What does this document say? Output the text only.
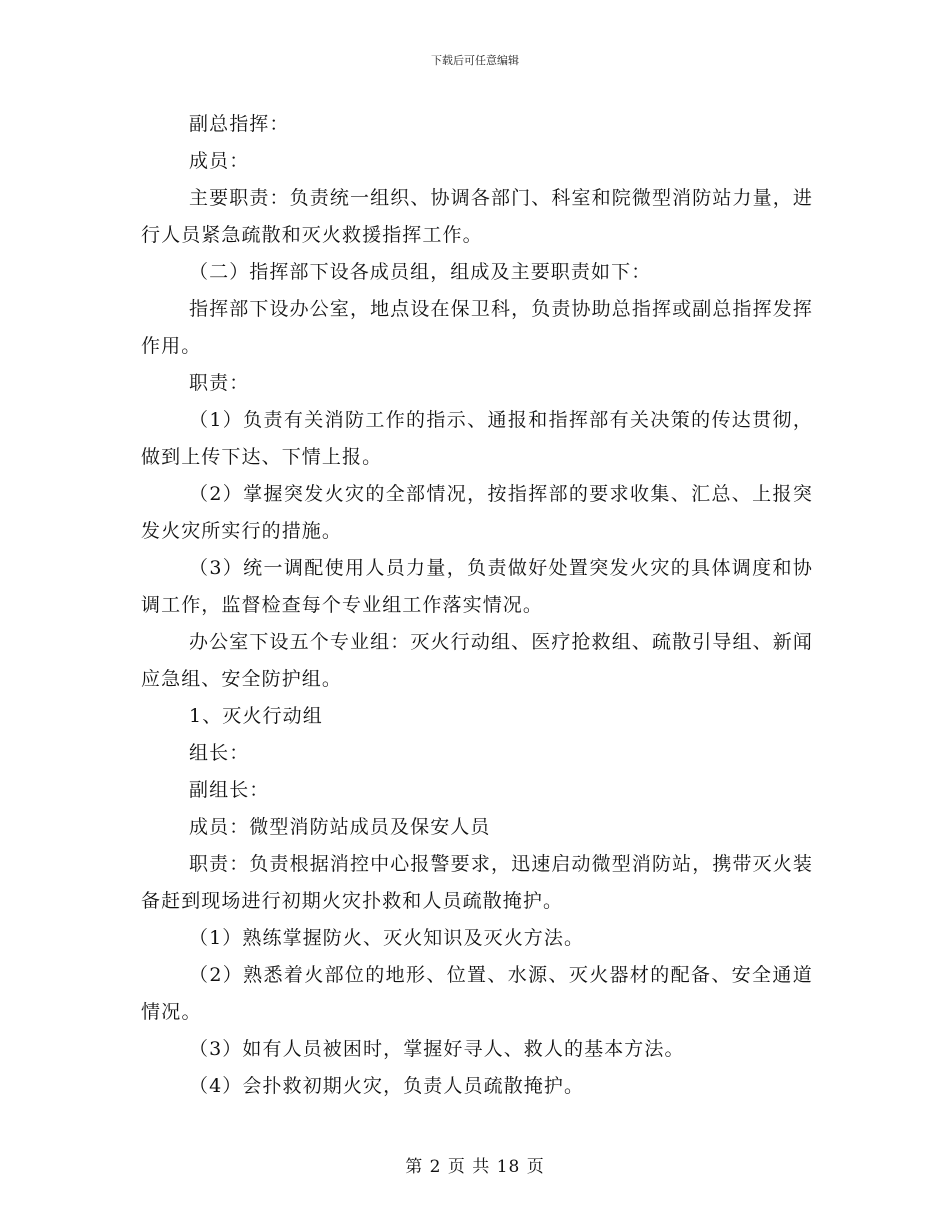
下载后可任意编辑

副总指挥：

成员：

主要职责：负责统一组织、协调各部门、科室和院微型消防站力量，进行人员紧急疏散和灭火救援指挥工作。

（二）指挥部下设各成员组，组成及主要职责如下：

指挥部下设办公室，地点设在保卫科，负责协助总指挥或副总指挥发挥作用。

职责：

（1）负责有关消防工作的指示、通报和指挥部有关决策的传达贯彻，做到上传下达、下情上报。

（2）掌握突发火灾的全部情况，按指挥部的要求收集、汇总、上报突发火灾所实行的措施。

（3）统一调配使用人员力量，负责做好处置突发火灾的具体调度和协调工作，监督检查每个专业组工作落实情况。

办公室下设五个专业组：灭火行动组、医疗抢救组、疏散引导组、新闻应急组、安全防护组。

1、灭火行动组

组长：

副组长：

成员：微型消防站成员及保安人员

职责：负责根据消控中心报警要求，迅速启动微型消防站，携带灭火装备赶到现场进行初期火灾扑救和人员疏散掩护。

（1）熟练掌握防火、灭火知识及灭火方法。

（2）熟悉着火部位的地形、位置、水源、灭火器材的配备、安全通道情况。

（3）如有人员被困时，掌握好寻人、救人的基本方法。

（4）会扑救初期火灾，负责人员疏散掩护。

第 2 页 共 18 页
